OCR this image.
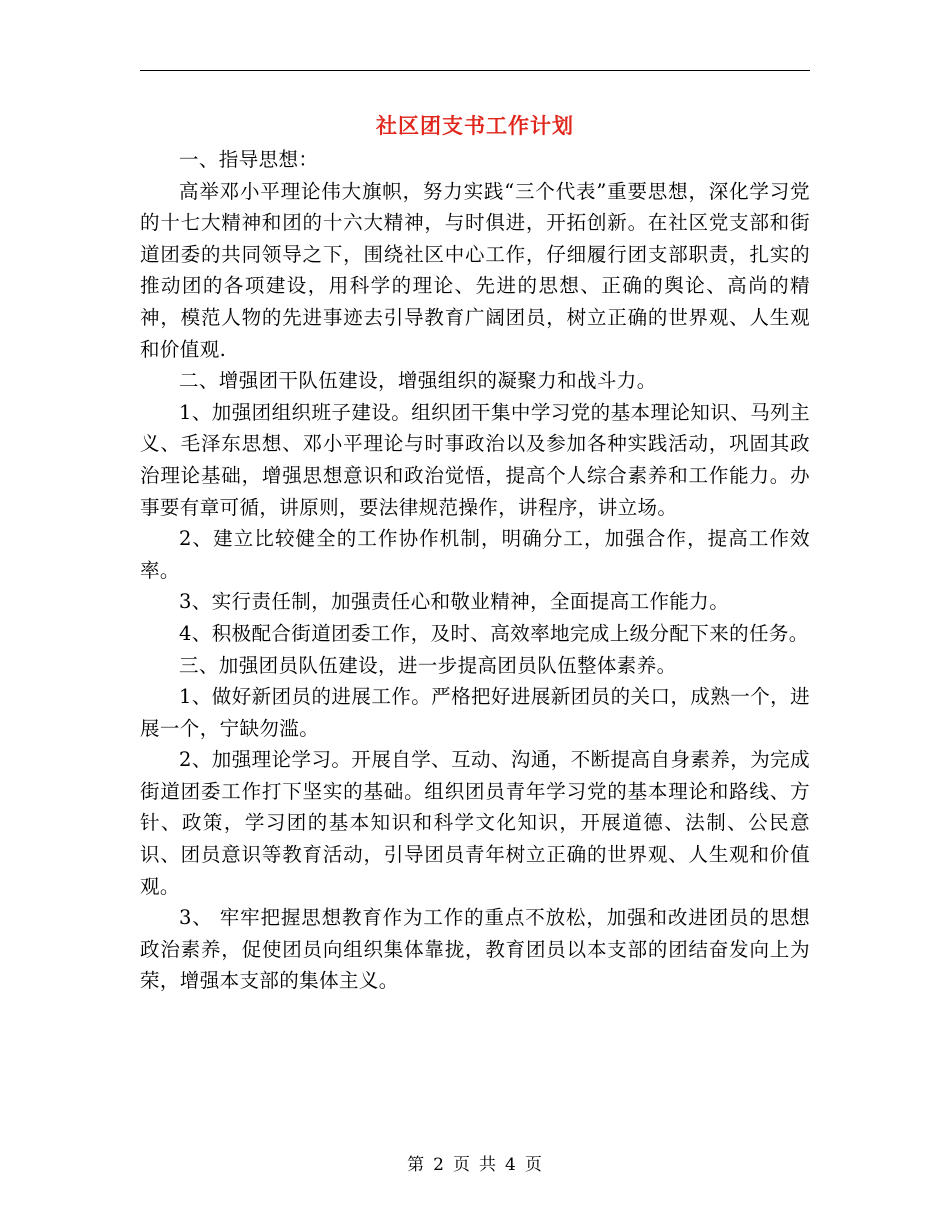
社区团支书工作计划

一、指导思想：

高举邓小平理论伟大旗帜，努力实践“三个代表”重要思想，深化学习党的十七大精神和团的十六大精神，与时俱进，开拓创新。在社区党支部和街道团委的共同领导之下，围绕社区中心工作，仔细履行团支部职责，扎实的推动团的各项建设，用科学的理论、先进的思想、正确的舆论、高尚的精神，模范人物的先进事迹去引导教育广阔团员，树立正确的世界观、人生观和价值观.

二、增强团干队伍建设，增强组织的凝聚力和战斗力。

1、加强团组织班子建设。组织团干集中学习党的基本理论知识、马列主义、毛泽东思想、邓小平理论与时事政治以及参加各种实践活动，巩固其政治理论基础，增强思想意识和政治觉悟，提高个人综合素养和工作能力。办事要有章可循，讲原则，要法律规范操作，讲程序，讲立场。

2、建立比较健全的工作协作机制，明确分工，加强合作，提高工作效率。

3、实行责任制，加强责任心和敬业精神，全面提高工作能力。

4、积极配合街道团委工作，及时、高效率地完成上级分配下来的任务。

三、加强团员队伍建设，进一步提高团员队伍整体素养。

1、做好新团员的进展工作。严格把好进展新团员的关口，成熟一个，进展一个，宁缺勿滥。

2、加强理论学习。开展自学、互动、沟通，不断提高自身素养，为完成街道团委工作打下坚实的基础。组织团员青年学习党的基本理论和路线、方针、政策，学习团的基本知识和科学文化知识，开展道德、法制、公民意识、团员意识等教育活动，引导团员青年树立正确的世界观、人生观和价值观。

3、 牢牢把握思想教育作为工作的重点不放松，加强和改进团员的思想政治素养，促使团员向组织集体靠拢，教育团员以本支部的团结奋发向上为荣，增强本支部的集体主义。

第 2 页 共 4 页
